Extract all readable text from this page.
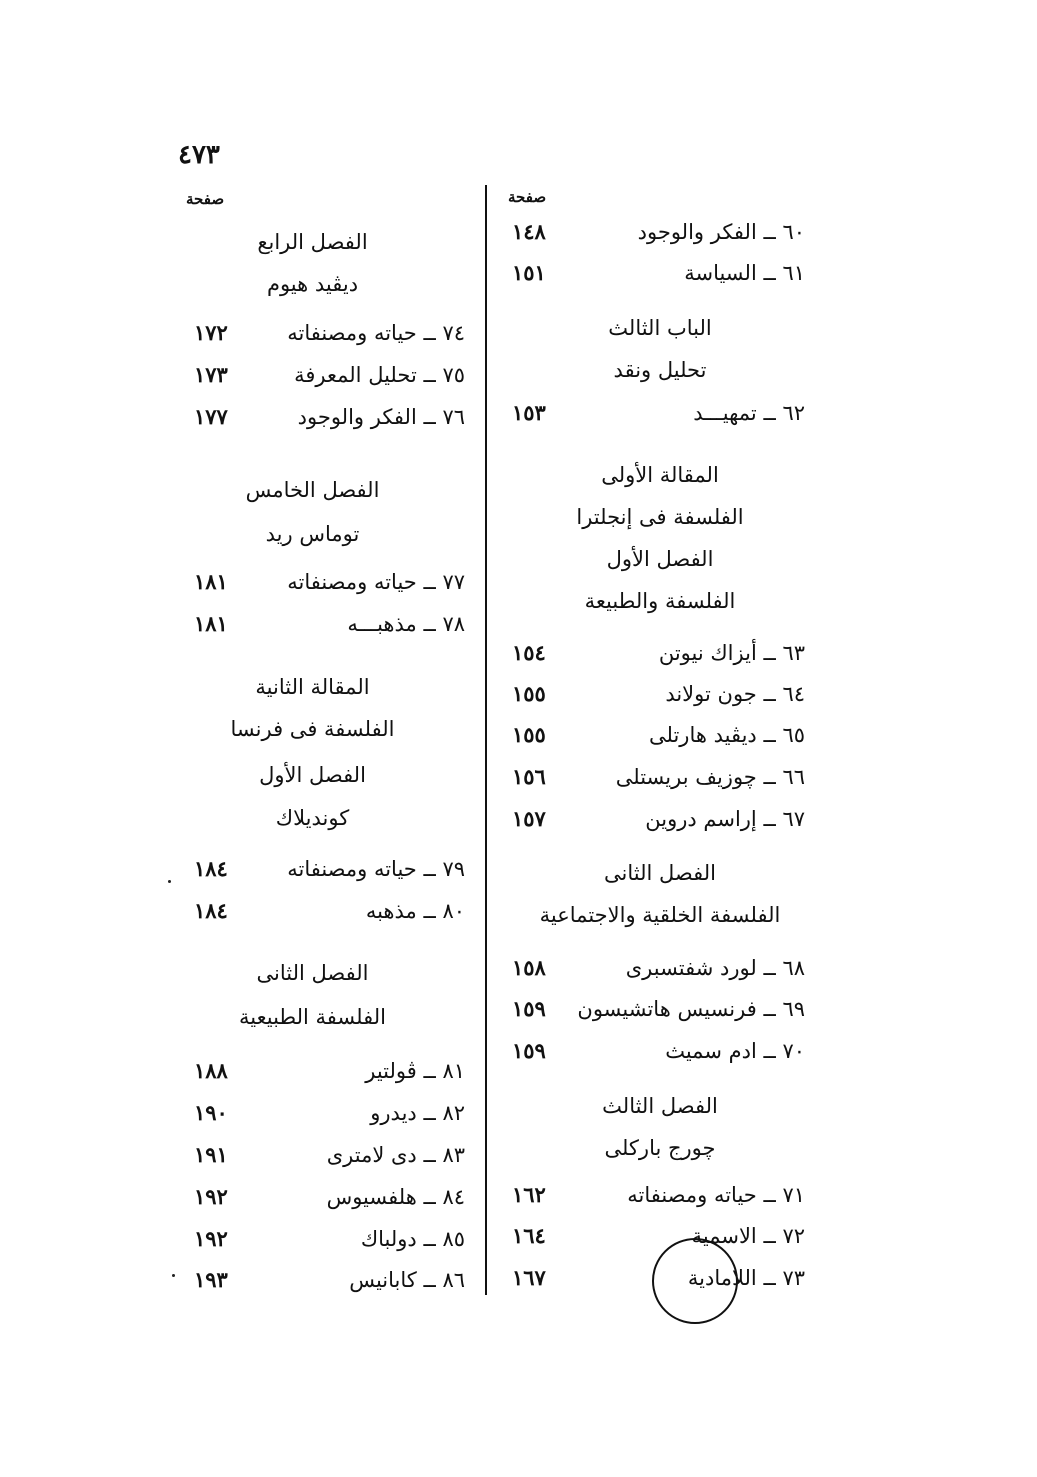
٤٧٣
صفحة	صفحة
٦٠ ــ الفكر والوجود
١٤٨
٦١ ــ السياسة
١٥١
الباب الثالث
تحليل ونقد
٦٢ ــ تمهيـــد
١٥٣
المقالة الأولى
الفلسفة فى إنجلترا
الفصل الأول
الفلسفة والطبيعة
٦٣ ــ أيزاك نيوتن
١٥٤
٦٤ ــ جون تولاند
١٥٥
٦٥ ــ ديڤيد هارتلى
١٥٥
٦٦ ــ چوزيف بريستلى
١٥٦
٦٧ ــ إراسم دروين
١٥٧
الفصل الثانى
الفلسفة الخلقية والاجتماعية
٦٨ ــ لورد شفتسبرى
١٥٨
٦٩ ــ فرنسيس هاتشيسون
١٥٩
٧٠ ــ ادم سميث
١٥٩
الفصل الثالث
چورج باركلى
٧١ ــ حياته ومصنفاته
١٦٢
٧٢ ــ الاسمية
١٦٤
٧٣ ــ اللامادية
١٦٧
الفصل الرابع
ديڤيد هيوم
٧٤ ــ حياته ومصنفاته
١٧٢
٧٥ ــ تحليل المعرفة
١٧٣
٧٦ ــ الفكر والوجود
١٧٧
الفصل الخامس
توماس ريد
٧٧ ــ حياته ومصنفاته
١٨١
٧٨ ــ مذهبـــه
١٨١
المقالة الثانية
الفلسفة فى فرنسا
الفصل الأول
كونديلاك
٧٩ ــ حياته ومصنفاته
١٨٤
٨٠ ــ مذهبه
١٨٤
الفصل الثانى
الفلسفة الطبيعية
٨١ ــ ڤولتير
١٨٨
٨٢ ــ ديدرو
١٩٠
٨٣ ــ دى لامترى
١٩١
٨٤ ــ هلفسيوس
١٩٢
٨٥ ــ دولباك
١٩٢
٨٦ ــ كابانيس
١٩٣
